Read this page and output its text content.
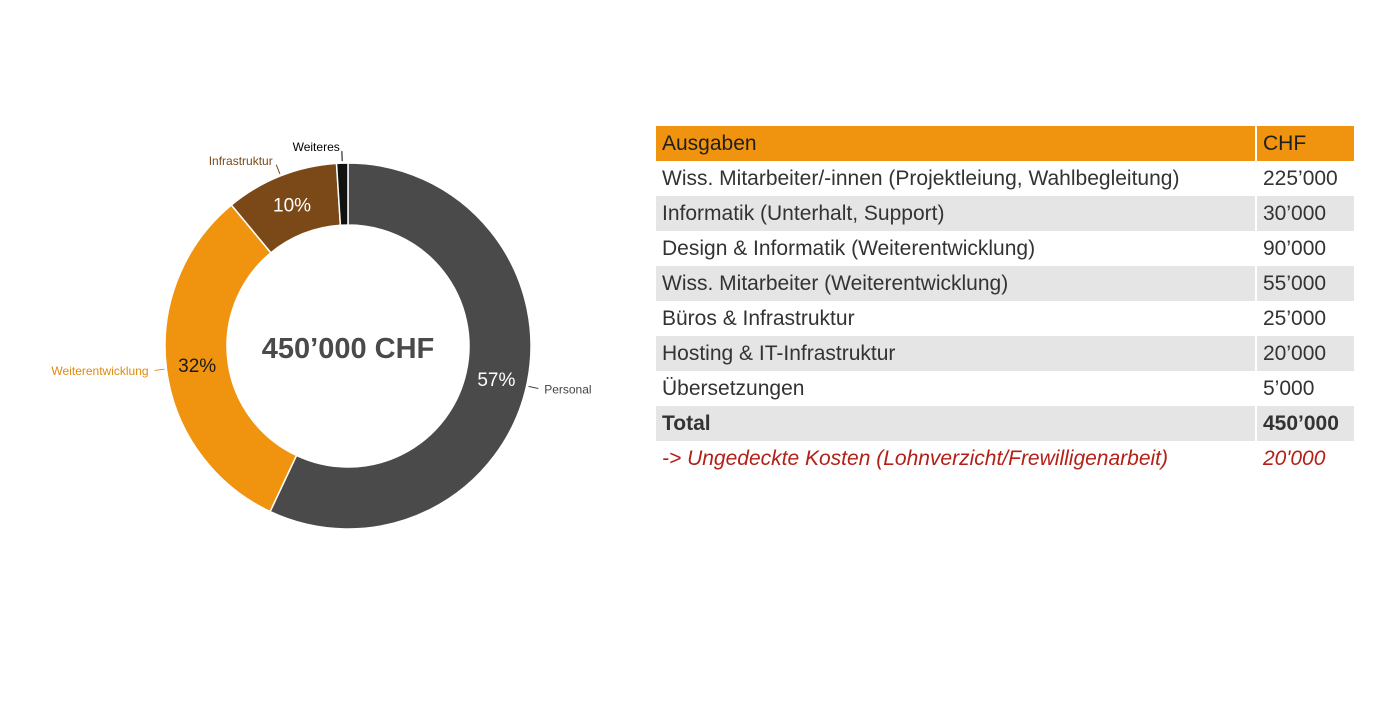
57% Personal
32%
Weiterentwicklung
10%
Infrastruktur
Weiteres
450’000 CHF
Ausgaben	CHF
Wiss. Mitarbeiter/-innen (Projektleiung, Wahlbegleitung)	225’000
Informatik (Unterhalt, Support)	30’000
Design & Informatik (Weiterentwicklung)	90’000
Wiss. Mitarbeiter (Weiterentwicklung)	55’000
Büros & Infrastruktur	25’000
Hosting & IT-Infrastruktur	20’000
Übersetzungen	5’000
Total	450’000
-> Ungedeckte Kosten (Lohnverzicht/Frewilligenarbeit)	20'000
